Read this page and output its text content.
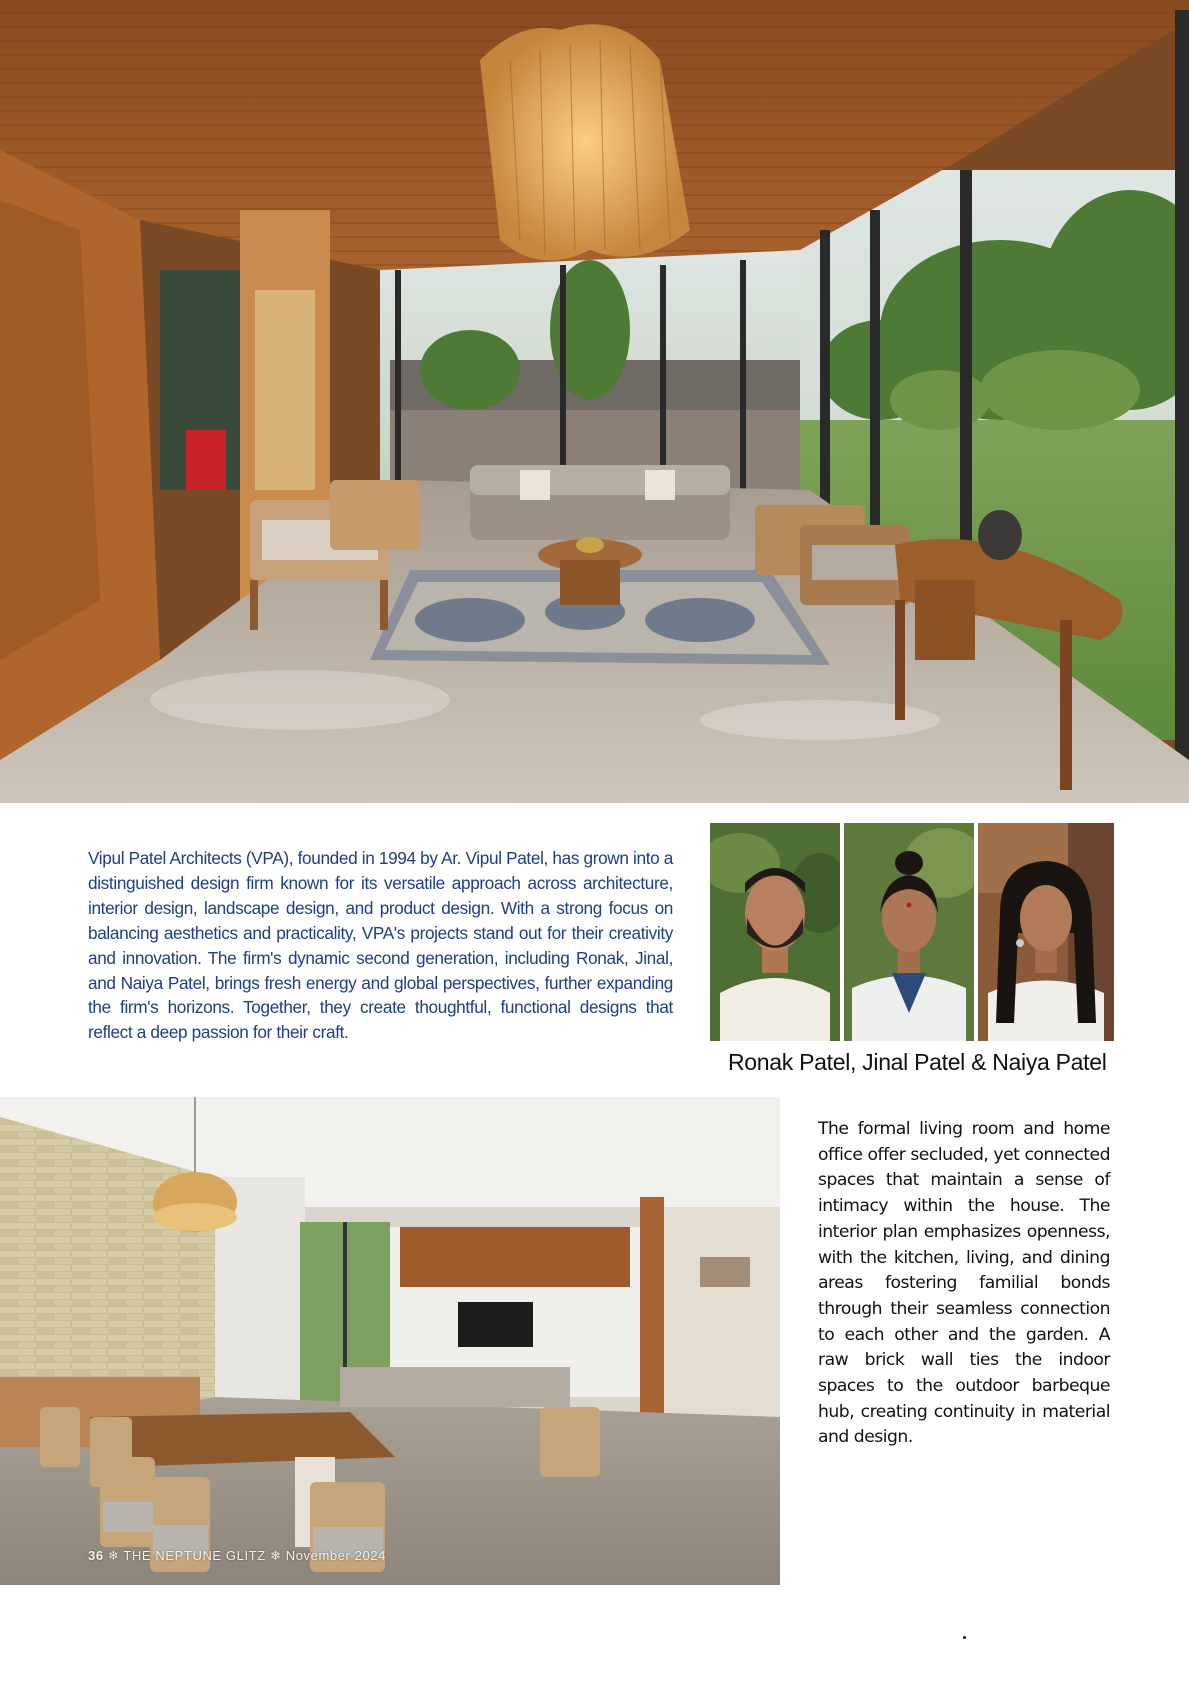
Vipul Patel Architects (VPA), founded in 1994 by Ar. Vipul Patel, has grown into a distinguished design firm known for its versatile approach across architecture, interior design, landscape design, and product design. With a strong focus on balancing aesthetics and practicality, VPA's projects stand out for their creativity and innovation. The firm's dynamic second generation, including Ronak, Jinal, and Naiya Patel, brings fresh energy and global perspectives, further expanding the firm's horizons. Together, they create thoughtful, functional designs that reflect a deep passion for their craft.

Ronak Patel, Jinal Patel & Naiya Patel
36 ❄ THE NEPTUNE GLITZ ❄ November 2024

The formal living room and home office offer secluded, yet connected spaces that maintain a sense of intimacy within the house. The interior plan emphasizes openness, with the kitchen, living, and dining areas fostering familial bonds through their seamless connection to each other and the garden. A raw brick wall ties the indoor spaces to the outdoor barbeque hub, creating continuity in material and design.
